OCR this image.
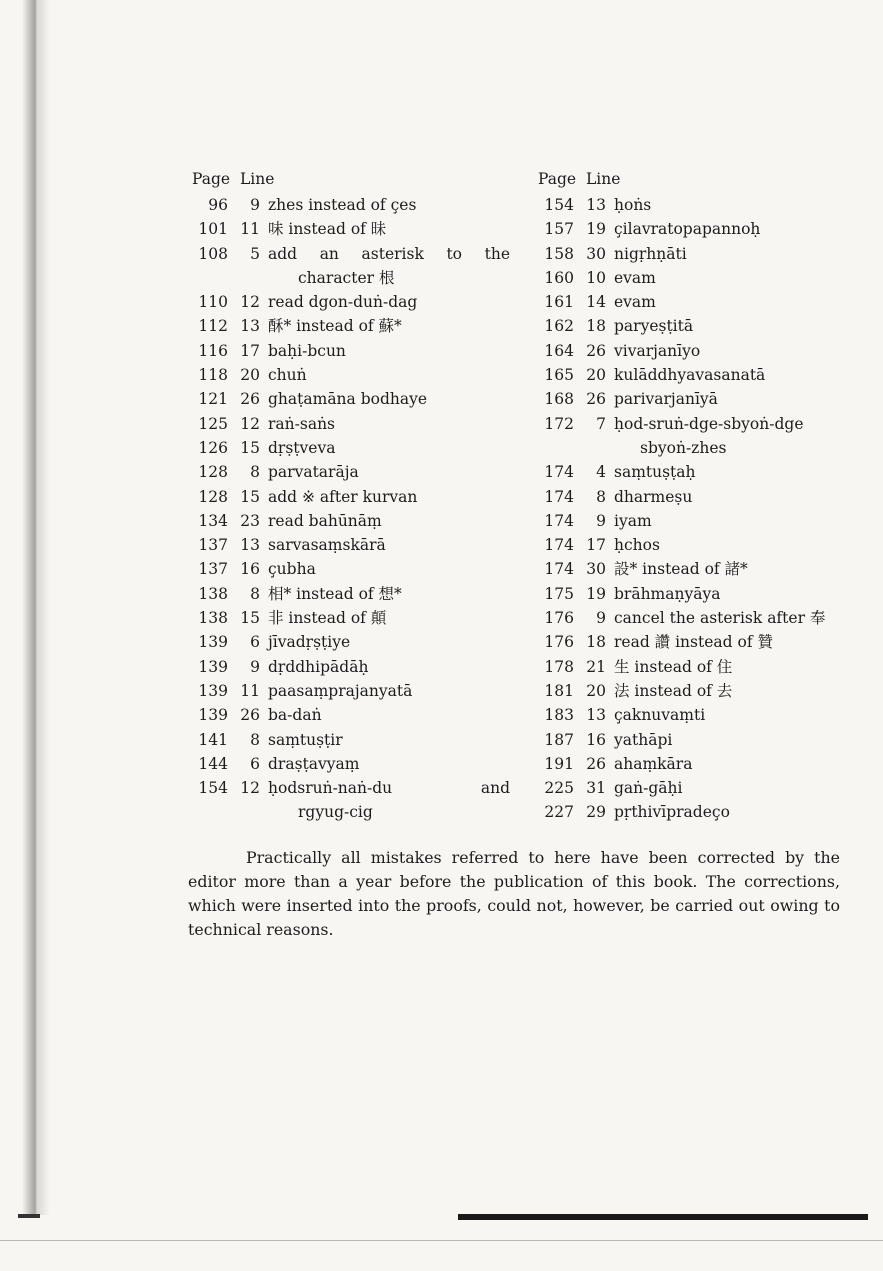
Page Line
96	9 zhes instead of çes
101 11 味 instead of 昧
108	5 add an asterisk to the
character 根
110 12 read dgon-duṅ-dag
112 13 酥* instead of 蘇*
116 17 baḥi-bcun
118 20 chuṅ
121 26 ghaṭamāna bodhaye
125 12 raṅ-saṅs
126 15 dṛṣṭveva
128	8 parvatarāja
128 15 add ※ after kurvan
134 23 read bahūnāṃ
137 13 sarvasaṃskārā
137 16 çubha
138	8 相* instead of 想*
138 15 非 instead of 顛
139	6 jīvadṛṣṭiye
139	9 dṛddhipādāḥ
139 11 paasaṃprajanyatā
139 26 ba-daṅ
141	8 saṃtuṣṭir
144	6 draṣṭavyaṃ
154 12 ḥodsruṅ-naṅ-du and
rgyug-cig
Page Line
154 13 ḥoṅs
157 19 çilavratopapannoḥ
158 30 nigṛhṇāti
160 10 evam
161 14 evam
162 18 paryeṣṭitā
164 26 vivarjanīyo
165 20 kulāddhyavasanatā
168 26 parivarjanīyā
172	7 ḥod-sruṅ-dge-sbyoṅ-dge
sbyoṅ-zhes
174	4 saṃtuṣṭaḥ
174	8 dharmeṣu
174	9 iyam
174 17 ḥchos
174 30 設* instead of 諸*
175 19 brāhmaṇyāya
176	9 cancel the asterisk after 奉
176 18 read 讚 instead of 贊
178 21 生 instead of 住
181 20 法 instead of 去
183 13 çaknuvaṃti
187 16 yathāpi
191 26 ahaṃkāra
225 31 gaṅ-gāḥi
227 29 pṛthivīpradeço

Practically all mistakes referred to here have been corrected by the editor more than a year before the publication of this book. The corrections, which were inserted into the proofs, could not, however, be carried out owing to technical reasons.
